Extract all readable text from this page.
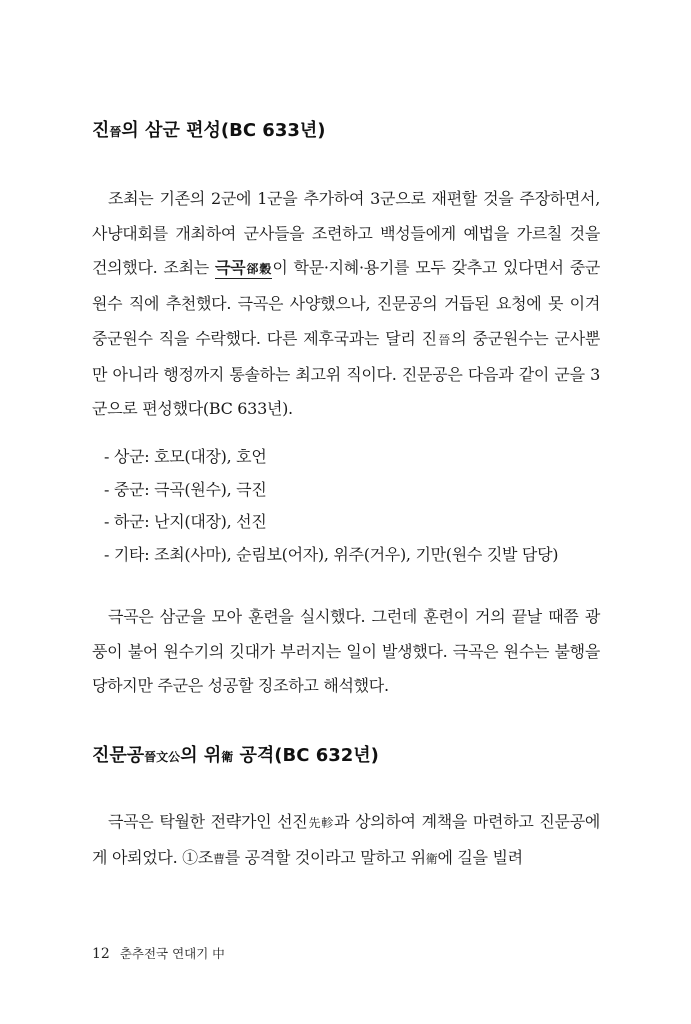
진晉의 삼군 편성(BC 633년)

조최는 기존의 2군에 1군을 추가하여 3군으로 재편할 것을 주장하면서, 사냥대회를 개최하여 군사들을 조련하고 백성들에게 예법을 가르칠 것을 건의했다. 조최는 극곡郤穀이 학문·지혜·용기를 모두 갖추고 있다면서 중군원수 직에 추천했다. 극곡은 사양했으나, 진문공의 거듭된 요청에 못 이겨 중군원수 직을 수락했다. 다른 제후국과는 달리 진晉의 중군원수는 군사뿐만 아니라 행정까지 통솔하는 최고위 직이다. 진문공은 다음과 같이 군을 3군으로 편성했다(BC 633년).

- 상군: 호모(대장), 호언
- 중군: 극곡(원수), 극진
- 하군: 난지(대장), 선진
- 기타: 조최(사마), 순림보(어자), 위주(거우), 기만(원수 깃발 담당)

극곡은 삼군을 모아 훈련을 실시했다. 그런데 훈련이 거의 끝날 때쯤 광풍이 불어 원수기의 깃대가 부러지는 일이 발생했다. 극곡은 원수는 불행을 당하지만 주군은 성공할 징조하고 해석했다.

진문공晉文公의 위衛 공격(BC 632년)

극곡은 탁월한 전략가인 선진先軫과 상의하여 계책을 마련하고 진문공에게 아뢰었다. ①조曹를 공격할 것이라고 말하고 위衛에 길을 빌려

12 춘추전국 연대기 中
